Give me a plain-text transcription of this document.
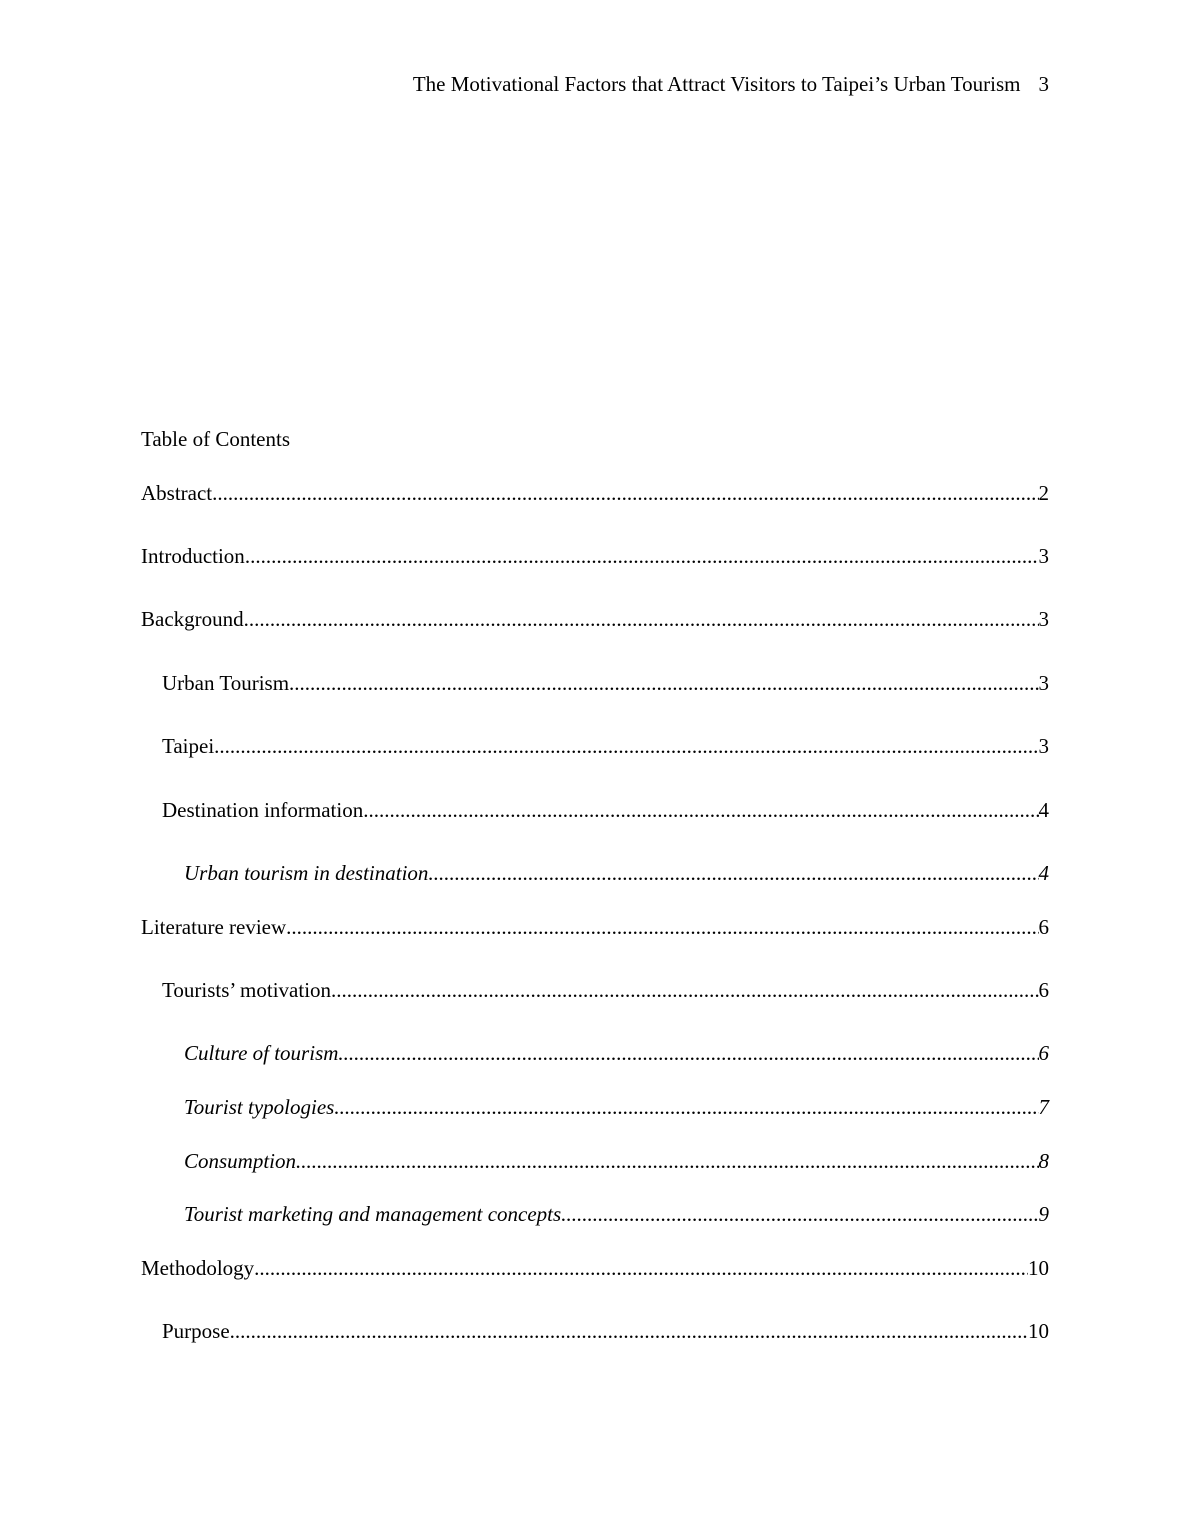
The Motivational Factors that Attract Visitors to Taipei’s Urban Tourism 3
Table of Contents
Abstract .....	2
Introduction .....	3
Background .....	3
Urban Tourism .....	3
Taipei .....	3
Destination information .....	4
Urban tourism in destination .....	4
Literature review .....	6
Tourists’ motivation .....	6
Culture of tourism .....	6
Tourist typologies .....	7
Consumption .....	8
Tourist marketing and management concepts .....	9
Methodology .....	10
Purpose .....	10
